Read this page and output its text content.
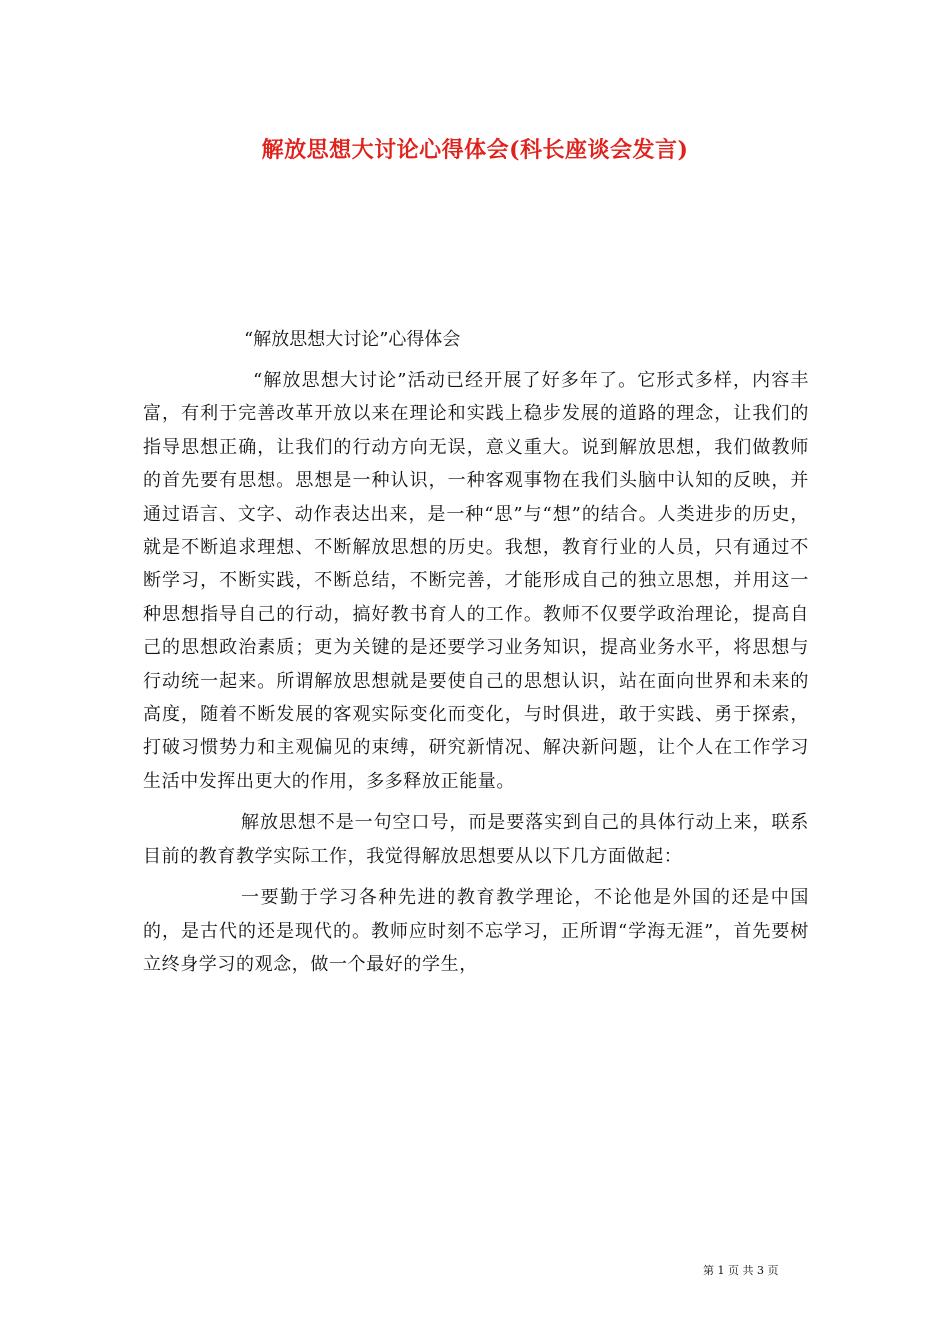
解放思想大讨论心得体会(科长座谈会发言)

“解放思想大讨论”心得体会

“解放思想大讨论”活动已经开展了好多年了。它形式多样，内容丰富，有利于完善改革开放以来在理论和实践上稳步发展的道路的理念，让我们的指导思想正确，让我们的行动方向无误，意义重大。说到解放思想，我们做教师的首先要有思想。思想是一种认识，一种客观事物在我们头脑中认知的反映，并通过语言、文字、动作表达出来，是一种“思”与“想”的结合。人类进步的历史，就是不断追求理想、不断解放思想的历史。我想，教育行业的人员，只有通过不断学习，不断实践，不断总结，不断完善，才能形成自己的独立思想，并用这一种思想指导自己的行动，搞好教书育人的工作。教师不仅要学政治理论，提高自己的思想政治素质；更为关键的是还要学习业务知识，提高业务水平，将思想与行动统一起来。所谓解放思想就是要使自己的思想认识，站在面向世界和未来的高度，随着不断发展的客观实际变化而变化，与时俱进，敢于实践、勇于探索，打破习惯势力和主观偏见的束缚，研究新情况、解决新问题，让个人在工作学习生活中发挥出更大的作用，多多释放正能量。

解放思想不是一句空口号，而是要落实到自己的具体行动上来，联系目前的教育教学实际工作，我觉得解放思想要从以下几方面做起：

一要勤于学习各种先进的教育教学理论，不论他是外国的还是中国的，是古代的还是现代的。教师应时刻不忘学习，正所谓“学海无涯”，首先要树立终身学习的观念，做一个最好的学生，

第 1 页 共 3 页
